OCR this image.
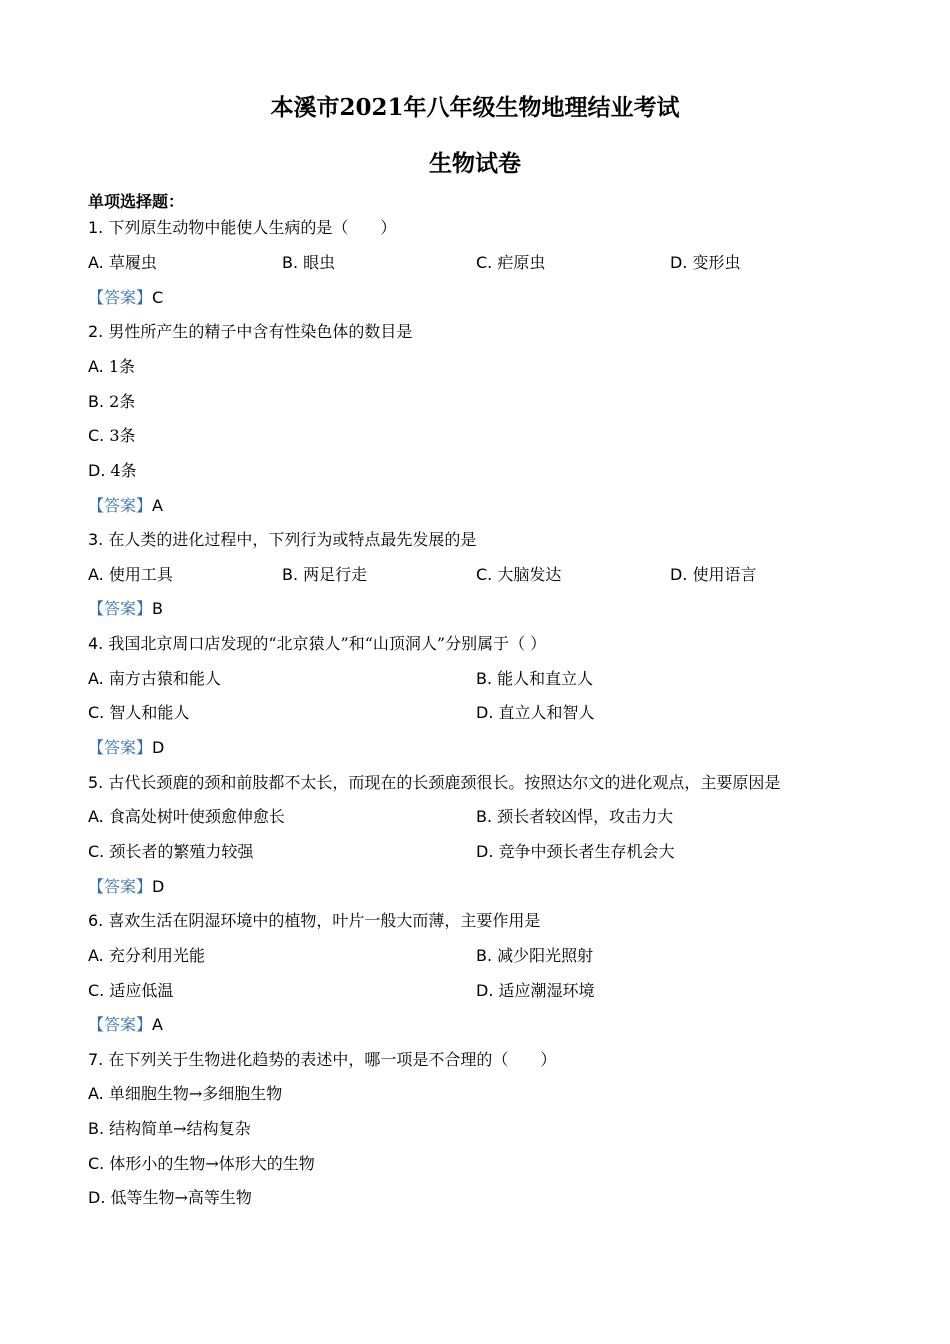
本溪市2021年八年级生物地理结业考试
生物试卷
单项选择题：
1. 下列原生动物中能使人生病的是（　　）
A. 草履虫	B. 眼虫	C. 疟原虫	D. 变形虫
【答案】C
2. 男性所产生的精子中含有性染色体的数目是
A. 1条
B. 2条
C. 3条
D. 4条
【答案】A
3. 在人类的进化过程中，下列行为或特点最先发展的是
A. 使用工具	B. 两足行走	C. 大脑发达	D. 使用语言
【答案】B
4. 我国北京周口店发现的“北京猿人”和“山顶洞人”分别属于（ ）
A. 南方古猿和能人	B. 能人和直立人
C. 智人和能人	D. 直立人和智人
【答案】D
5. 古代长颈鹿的颈和前肢都不太长，而现在的长颈鹿颈很长。按照达尔文的进化观点，主要原因是
A. 食高处树叶使颈愈伸愈长	B. 颈长者较凶悍，攻击力大
C. 颈长者的繁殖力较强	D. 竞争中颈长者生存机会大
【答案】D
6. 喜欢生活在阴湿环境中的植物，叶片一般大而薄，主要作用是
A. 充分利用光能	B. 减少阳光照射
C. 适应低温	D. 适应潮湿环境
【答案】A
7. 在下列关于生物进化趋势的表述中，哪一项是不合理的（　　）
A. 单细胞生物→多细胞生物
B. 结构简单→结构复杂
C. 体形小的生物→体形大的生物
D. 低等生物→高等生物
